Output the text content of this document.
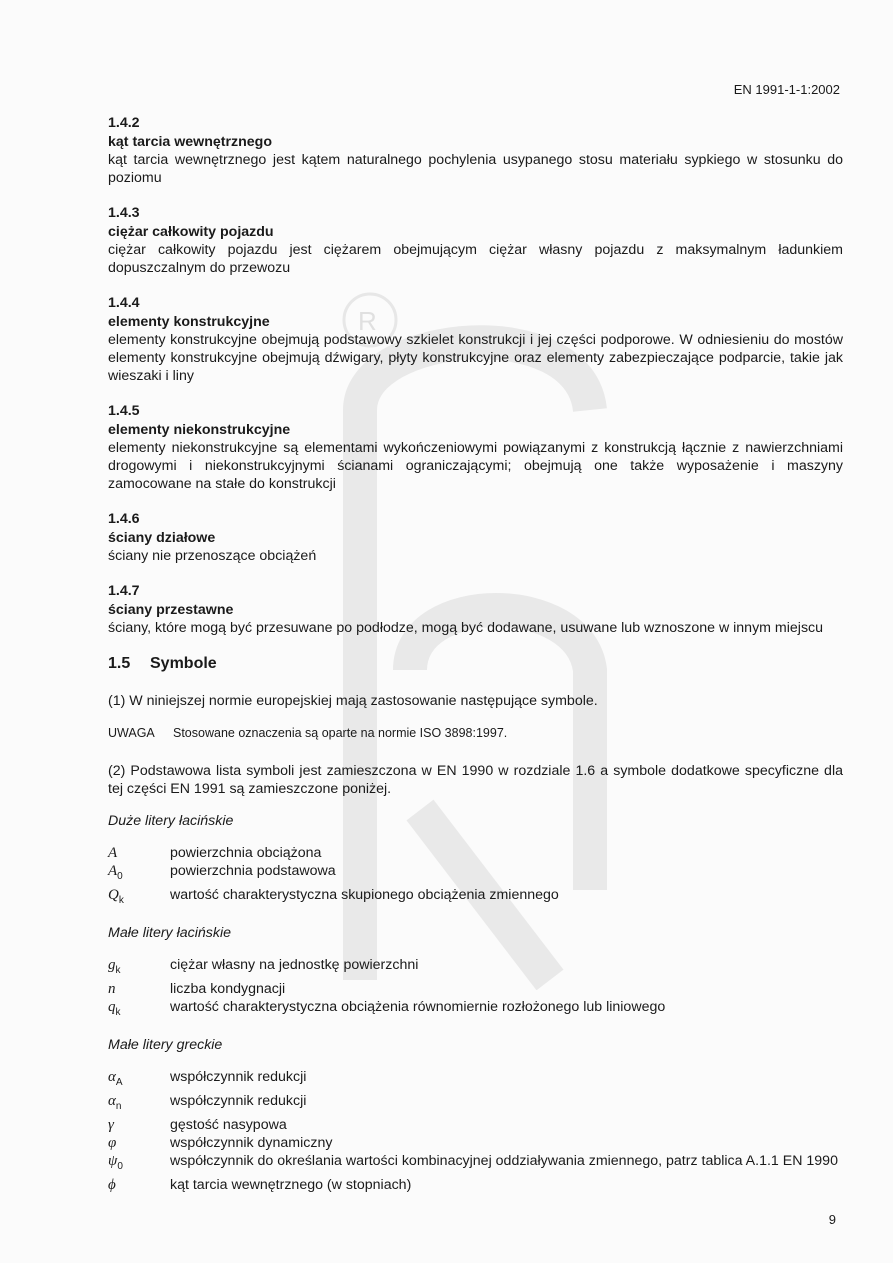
R
EN 1991-1-1:2002
1.4.2
kąt tarcia wewnętrznego
kąt tarcia wewnętrznego jest kątem naturalnego pochylenia usypanego stosu materiału sypkiego w stosunku do poziomu
1.4.3
ciężar całkowity pojazdu
ciężar całkowity pojazdu jest ciężarem obejmującym ciężar własny pojazdu z maksymalnym ładunkiem dopuszczalnym do przewozu
1.4.4
elementy konstrukcyjne
elementy konstrukcyjne obejmują podstawowy szkielet konstrukcji i jej części podporowe. W odniesieniu do mostów elementy konstrukcyjne obejmują dźwigary, płyty konstrukcyjne oraz elementy zabezpieczające podparcie, takie jak wieszaki i liny
1.4.5
elementy niekonstrukcyjne
elementy niekonstrukcyjne są elementami wykończeniowymi powiązanymi z konstrukcją łącznie z nawierzchniami drogowymi i niekonstrukcyjnymi ścianami ograniczającymi; obejmują one także wyposażenie i maszyny zamocowane na stałe do konstrukcji
1.4.6
ściany działowe
ściany nie przenoszące obciążeń
1.4.7
ściany przestawne
ściany, które mogą być przesuwane po podłodze, mogą być dodawane, usuwane lub wznoszone w innym miejscu
1.5 Symbole
(1) W niniejszej normie europejskiej mają zastosowanie następujące symbole.
UWAGA Stosowane oznaczenia są oparte na normie ISO 3898:1997.
(2) Podstawowa lista symboli jest zamieszczona w EN 1990 w rozdziale 1.6 a symbole dodatkowe specyficzne dla tej części EN 1991 są zamieszczone poniżej.
Duże litery łacińskie
A	powierzchnia obciążona
$A_0$	powierzchnia podstawowa
$Q_k$	wartość charakterystyczna skupionego obciążenia zmiennego
Małe litery łacińskie
$g_k$	ciężar własny na jednostkę powierzchni
n	liczba kondygnacji
$q_k$	wartość charakterystyczna obciążenia równomiernie rozłożonego lub liniowego
Małe litery greckie
$\alpha_A$	współczynnik redukcji
$\alpha_n$	współczynnik redukcji
γ	gęstość nasypowa
φ	współczynnik dynamiczny
$\psi_0$	współczynnik do określania wartości kombinacyjnej oddziaływania zmiennego, patrz tablica A.1.1 EN 1990
ϕ	kąt tarcia wewnętrznego (w stopniach)
9
